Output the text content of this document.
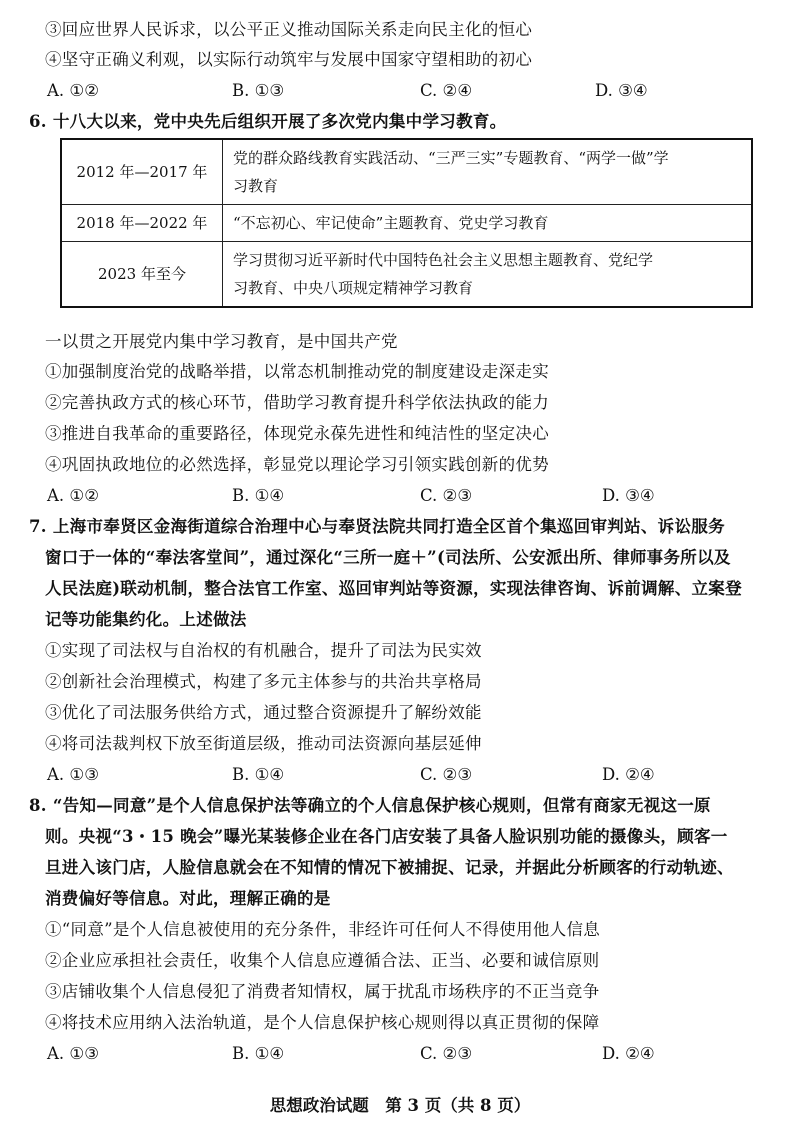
③回应世界人民诉求，以公平正义推动国际关系走向民主化的恒心
④坚守正确义利观，以实际行动筑牢与发展中国家守望相助的初心
A. ①②	B. ①③	C. ②④	D. ③④
6. 十八大以来，党中央先后组织开展了多次党内集中学习教育。
2012 年—2017 年	党的群众路线教育实践活动、“三严三实”专题教育、“两学一做”学
习教育

2018 年—2022 年	“不忘初心、牢记使命”主题教育、党史学习教育

2023 年至今	学习贯彻习近平新时代中国特色社会主义思想主题教育、党纪学
习教育、中央八项规定精神学习教育
一以贯之开展党内集中学习教育，是中国共产党
①加强制度治党的战略举措，以常态机制推动党的制度建设走深走实
②完善执政方式的核心环节，借助学习教育提升科学依法执政的能力
③推进自我革命的重要路径，体现党永葆先进性和纯洁性的坚定决心
④巩固执政地位的必然选择，彰显党以理论学习引领实践创新的优势
A. ①②	B. ①④	C. ②③	D. ③④
7. 上海市奉贤区金海街道综合治理中心与奉贤法院共同打造全区首个集巡回审判站、诉讼服务
窗口于一体的“奉法客堂间”，通过深化“三所一庭＋”(司法所、公安派出所、律师事务所以及
人民法庭)联动机制，整合法官工作室、巡回审判站等资源，实现法律咨询、诉前调解、立案登
记等功能集约化。上述做法
①实现了司法权与自治权的有机融合，提升了司法为民实效
②创新社会治理模式，构建了多元主体参与的共治共享格局
③优化了司法服务供给方式，通过整合资源提升了解纷效能
④将司法裁判权下放至街道层级，推动司法资源向基层延伸
A. ①③	B. ①④	C. ②③	D. ②④
8. “告知—同意”是个人信息保护法等确立的个人信息保护核心规则，但常有商家无视这一原
则。央视“3・15 晚会”曝光某装修企业在各门店安装了具备人脸识别功能的摄像头，顾客一
旦进入该门店，人脸信息就会在不知情的情况下被捕捉、记录，并据此分析顾客的行动轨迹、
消费偏好等信息。对此，理解正确的是
①“同意”是个人信息被使用的充分条件，非经许可任何人不得使用他人信息
②企业应承担社会责任，收集个人信息应遵循合法、正当、必要和诚信原则
③店铺收集个人信息侵犯了消费者知情权，属于扰乱市场秩序的不正当竞争
④将技术应用纳入法治轨道，是个人信息保护核心规则得以真正贯彻的保障
A. ①③	B. ①④	C. ②③	D. ②④
思想政治试题　第 3 页（共 8 页）
